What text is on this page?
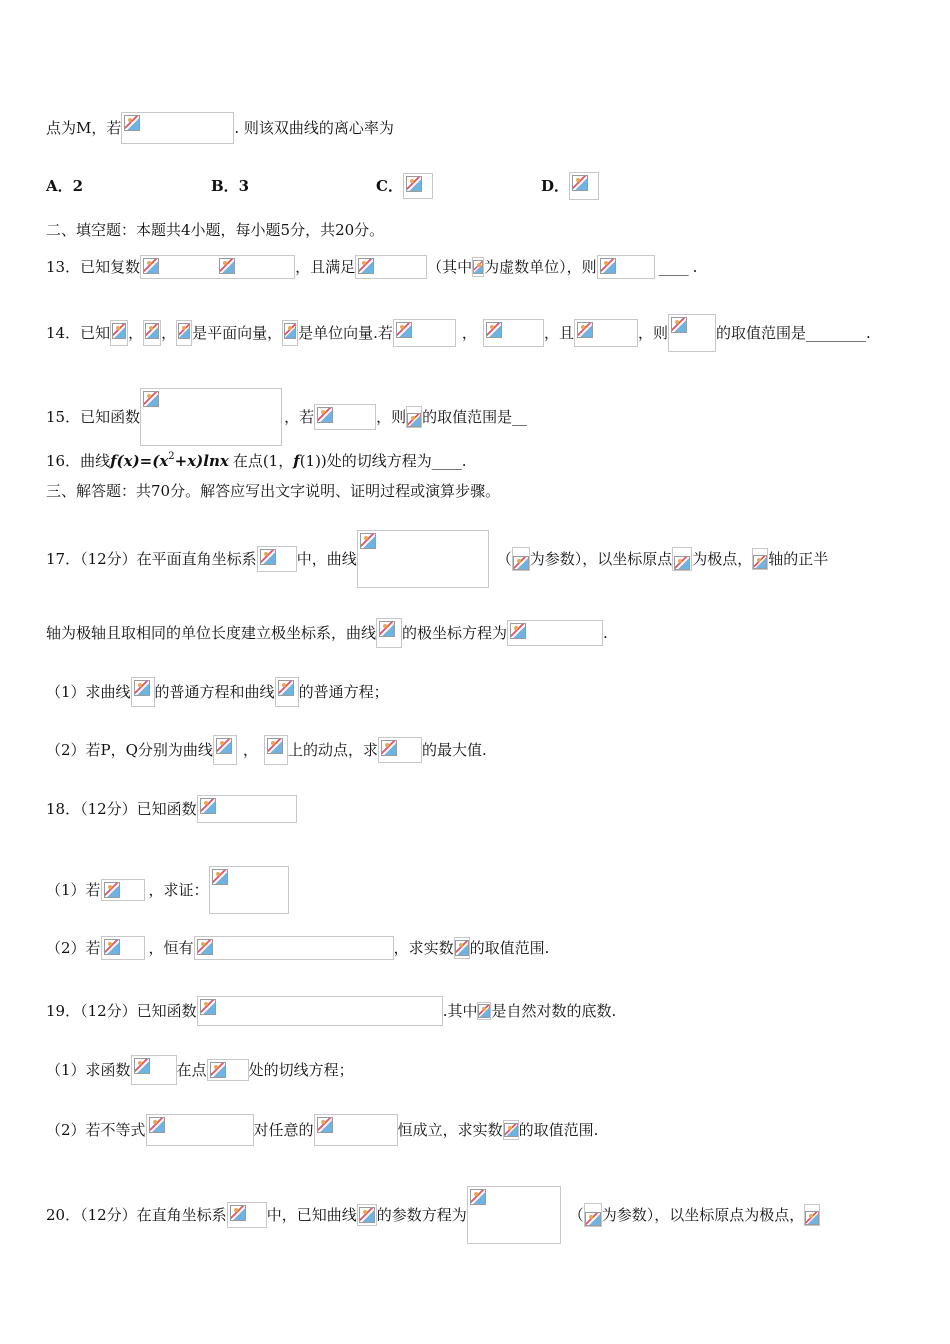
点为M，若	. 则该双曲线的离心率为
A．2	B．3	C．	D．
二、填空题：本题共4小题，每小题5分，共20分。
13．已知复数	，且满足	（其中 为虚数单位），则	____ .
14．已知 ， ， 是平面向量， 是单位向量.若	，	，且	，则	的取值范围是________.
15．已知函数	，若	，则 的取值范围是__
16．曲线$f(x)=(x^2+x)\ln x$ 在点(1，f(1))处的切线方程为____.
三、解答题：共70分。解答应写出文字说明、证明过程或演算步骤。
17．（12分）在平面直角坐标系	中，曲线	（ 为参数），以坐标原点 为极点， 轴的正半
轴为极轴且取相同的单位长度建立极坐标系，曲线 的极坐标方程为	.
（1）求曲线 的普通方程和曲线 的普通方程；
（2）若P，Q分别为曲线 ， 上的动点，求	的最大值.
18．（12分）已知函数
（1）若	，求证：
（2）若	，恒有	，求实数 的取值范围.
19．（12分）已知函数	.其中 是自然对数的底数.
（1）求函数	在点	处的切线方程；
（2）若不等式	对任意的	恒成立，求实数 的取值范围.
20．（12分）在直角坐标系	中，已知曲线 的参数方程为	（ 为参数），以坐标原点为极点，
